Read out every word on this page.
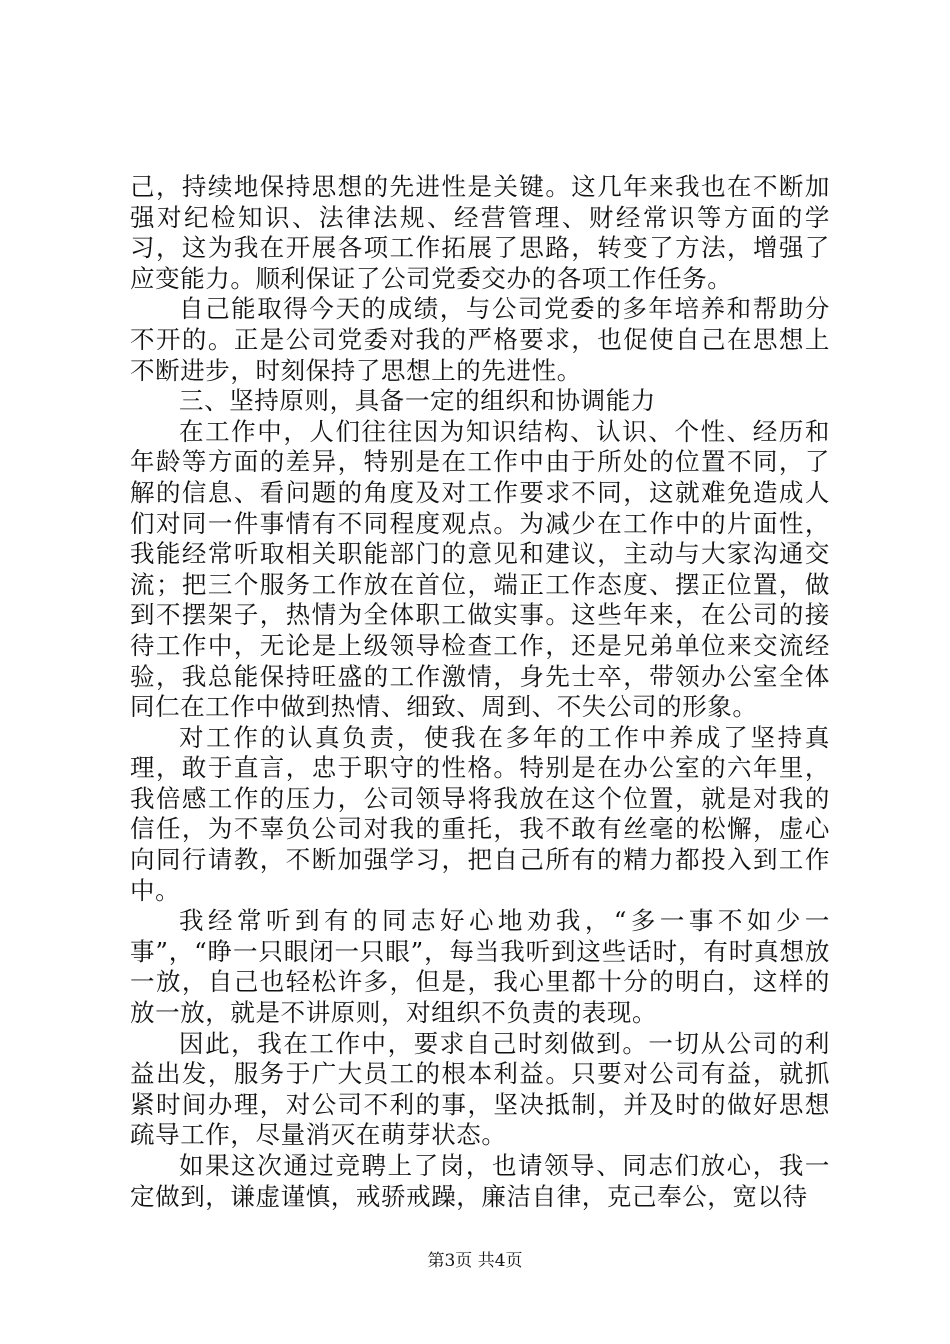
己，持续地保持思想的先进性是关键。这几年来我也在不断加强对纪检知识、法律法规、经营管理、财经常识等方面的学习，这为我在开展各项工作拓展了思路，转变了方法，增强了应变能力。顺利保证了公司党委交办的各项工作任务。

自己能取得今天的成绩，与公司党委的多年培养和帮助分不开的。正是公司党委对我的严格要求，也促使自己在思想上不断进步，时刻保持了思想上的先进性。

三、坚持原则，具备一定的组织和协调能力

在工作中，人们往往因为知识结构、认识、个性、经历和年龄等方面的差异，特别是在工作中由于所处的位置不同，了解的信息、看问题的角度及对工作要求不同，这就难免造成人们对同一件事情有不同程度观点。为减少在工作中的片面性，我能经常听取相关职能部门的意见和建议，主动与大家沟通交流；把三个服务工作放在首位，端正工作态度、摆正位置，做到不摆架子，热情为全体职工做实事。这些年来，在公司的接待工作中，无论是上级领导检查工作，还是兄弟单位来交流经验，我总能保持旺盛的工作激情，身先士卒，带领办公室全体同仁在工作中做到热情、细致、周到、不失公司的形象。

对工作的认真负责，使我在多年的工作中养成了坚持真理，敢于直言，忠于职守的性格。特别是在办公室的六年里，我倍感工作的压力，公司领导将我放在这个位置，就是对我的信任，为不辜负公司对我的重托，我不敢有丝毫的松懈，虚心向同行请教，不断加强学习，把自己所有的精力都投入到工作中。

我经常听到有的同志好心地劝我，“多一事不如少一事”，“睁一只眼闭一只眼”，每当我听到这些话时，有时真想放一放，自己也轻松许多，但是，我心里都十分的明白，这样的放一放，就是不讲原则，对组织不负责的表现。

因此，我在工作中，要求自己时刻做到。一切从公司的利益出发，服务于广大员工的根本利益。只要对公司有益，就抓紧时间办理，对公司不利的事，坚决抵制，并及时的做好思想疏导工作，尽量消灭在萌芽状态。

如果这次通过竞聘上了岗，也请领导、同志们放心，我一定做到，谦虚谨慎，戒骄戒躁，廉洁自律，克己奉公，宽以待

第3页 共4页
